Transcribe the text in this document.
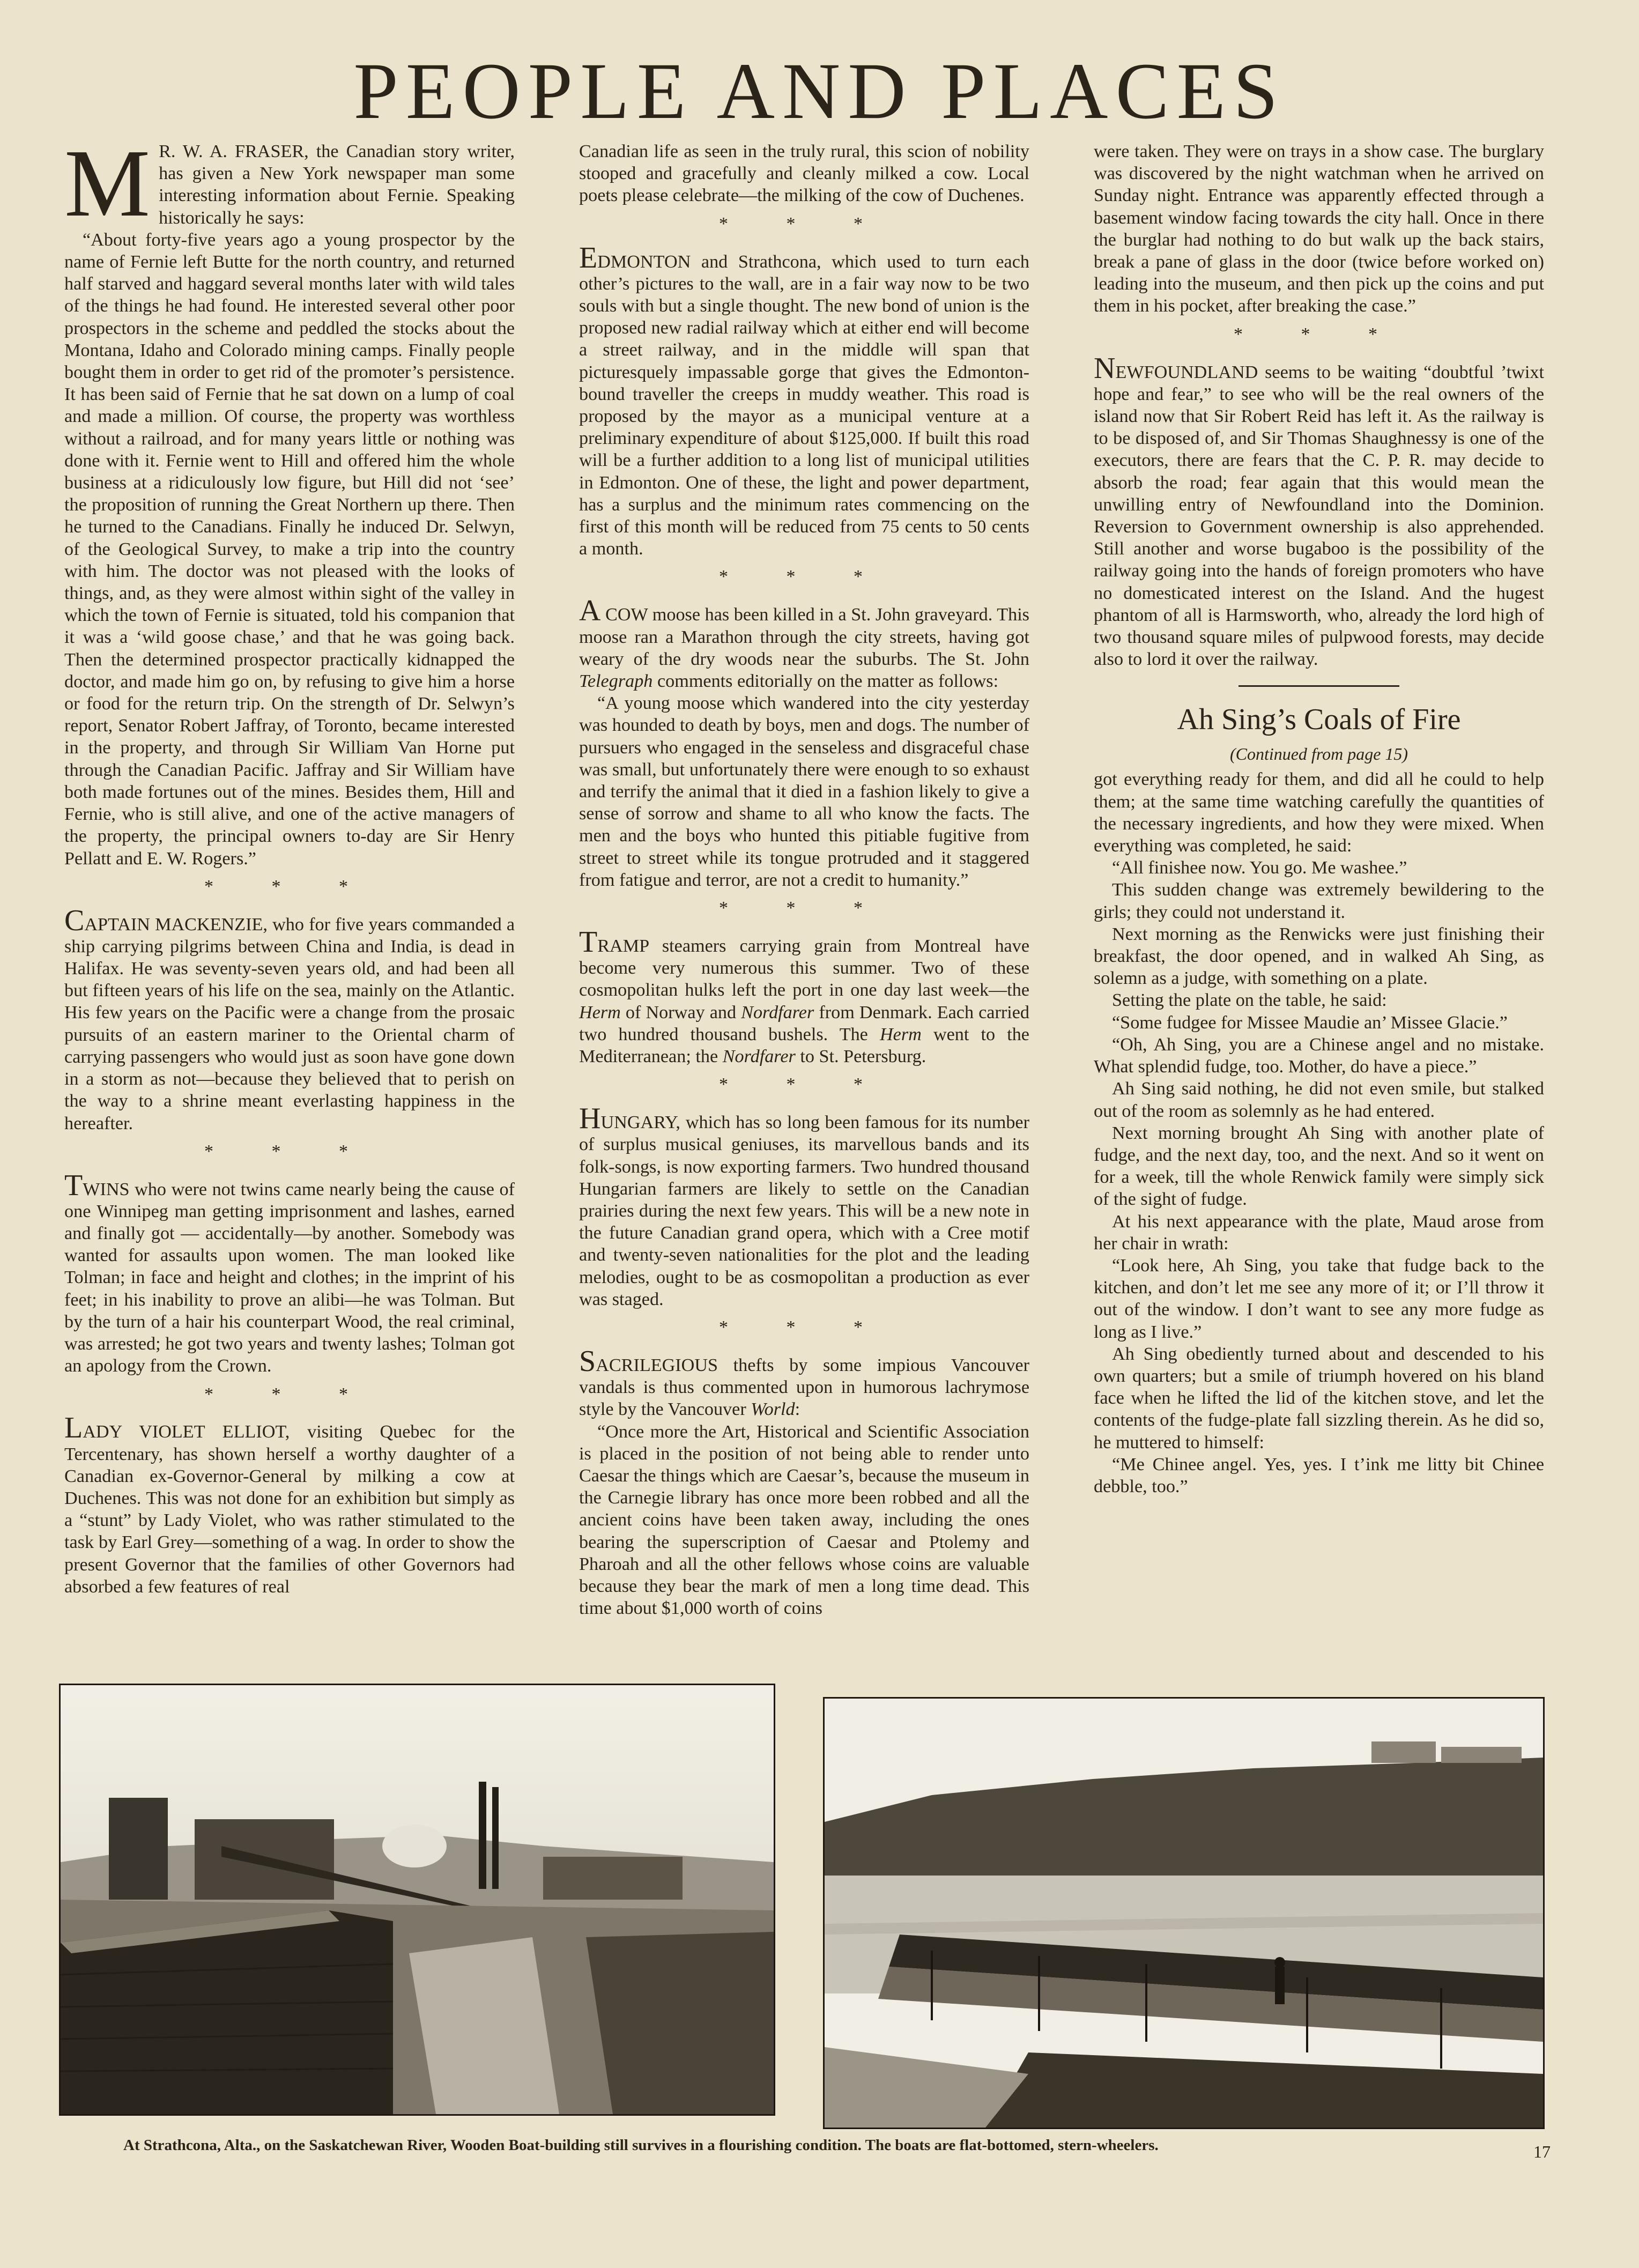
PEOPLE AND PLACES

M R. W. A. FRASER, the Canadian story writer, has given a New York newspaper man some interesting information about Fernie. Speaking historically he says:

“About forty-five years ago a young prospector by the name of Fernie left Butte for the north country, and returned half starved and haggard several months later with wild tales of the things he had found. He interested several other poor prospectors in the scheme and peddled the stocks about the Montana, Idaho and Colorado mining camps. Finally people bought them in order to get rid of the promoter’s persistence. It has been said of Fernie that he sat down on a lump of coal and made a million. Of course, the property was worthless without a railroad, and for many years little or nothing was done with it. Fernie went to Hill and offered him the whole business at a ridiculously low figure, but Hill did not ‘see’ the proposition of running the Great Northern up there. Then he turned to the Canadians. Finally he induced Dr. Selwyn, of the Geological Survey, to make a trip into the country with him. The doctor was not pleased with the looks of things, and, as they were almost within sight of the valley in which the town of Fernie is situated, told his companion that it was a ‘wild goose chase,’ and that he was going back. Then the determined prospector practically kidnapped the doctor, and made him go on, by refusing to give him a horse or food for the return trip. On the strength of Dr. Selwyn’s report, Senator Robert Jaffray, of Toronto, became interested in the property, and through Sir William Van Horne put through the Canadian Pacific. Jaffray and Sir William have both made fortunes out of the mines. Besides them, Hill and Fernie, who is still alive, and one of the active managers of the property, the principal owners to-day are Sir Henry Pellatt and E. W. Rogers.”

* * *

CAPTAIN MACKENZIE, who for five years commanded a ship carrying pilgrims between China and India, is dead in Halifax. He was seventy-seven years old, and had been all but fifteen years of his life on the sea, mainly on the Atlantic. His few years on the Pacific were a change from the prosaic pursuits of an eastern mariner to the Oriental charm of carrying passengers who would just as soon have gone down in a storm as not—because they believed that to perish on the way to a shrine meant everlasting happiness in the hereafter.

* * *

TWINS who were not twins came nearly being the cause of one Winnipeg man getting imprisonment and lashes, earned and finally got — accidentally—by another. Somebody was wanted for assaults upon women. The man looked like Tolman; in face and height and clothes; in the imprint of his feet; in his inability to prove an alibi—he was Tolman. But by the turn of a hair his counterpart Wood, the real criminal, was arrested; he got two years and twenty lashes; Tolman got an apology from the Crown.

* * *

LADY VIOLET ELLIOT, visiting Quebec for the Tercentenary, has shown herself a worthy daughter of a Canadian ex-Governor-General by milking a cow at Duchenes. This was not done for an exhibition but simply as a “stunt” by Lady Violet, who was rather stimulated to the task by Earl Grey—something of a wag. In order to show the present Governor that the families of other Governors had absorbed a few features of real

Canadian life as seen in the truly rural, this scion of nobility stooped and gracefully and cleanly milked a cow. Local poets please celebrate—the milking of the cow of Duchenes.

* * *

EDMONTON and Strathcona, which used to turn each other’s pictures to the wall, are in a fair way now to be two souls with but a single thought. The new bond of union is the proposed new radial railway which at either end will become a street railway, and in the middle will span that picturesquely impassable gorge that gives the Edmonton-bound traveller the creeps in muddy weather. This road is proposed by the mayor as a municipal venture at a preliminary expenditure of about $125,000. If built this road will be a further addition to a long list of municipal utilities in Edmonton. One of these, the light and power department, has a surplus and the minimum rates commencing on the first of this month will be reduced from 75 cents to 50 cents a month.

* * *

A COW moose has been killed in a St. John graveyard. This moose ran a Marathon through the city streets, having got weary of the dry woods near the suburbs. The St. John Telegraph comments editorially on the matter as follows:

“A young moose which wandered into the city yesterday was hounded to death by boys, men and dogs. The number of pursuers who engaged in the senseless and disgraceful chase was small, but unfortunately there were enough to so exhaust and terrify the animal that it died in a fashion likely to give a sense of sorrow and shame to all who know the facts. The men and the boys who hunted this pitiable fugitive from street to street while its tongue protruded and it staggered from fatigue and terror, are not a credit to humanity.”

* * *

TRAMP steamers carrying grain from Montreal have become very numerous this summer. Two of these cosmopolitan hulks left the port in one day last week—the Herm of Norway and Nordfarer from Denmark. Each carried two hundred thousand bushels. The Herm went to the Mediterranean; the Nordfarer to St. Petersburg.

* * *

HUNGARY, which has so long been famous for its number of surplus musical geniuses, its marvellous bands and its folk-songs, is now exporting farmers. Two hundred thousand Hungarian farmers are likely to settle on the Canadian prairies during the next few years. This will be a new note in the future Canadian grand opera, which with a Cree motif and twenty-seven nationalities for the plot and the leading melodies, ought to be as cosmopolitan a production as ever was staged.

* * *

SACRILEGIOUS thefts by some impious Vancouver vandals is thus commented upon in humorous lachrymose style by the Vancouver World:

“Once more the Art, Historical and Scientific Association is placed in the position of not being able to render unto Caesar the things which are Caesar’s, because the museum in the Carnegie library has once more been robbed and all the ancient coins have been taken away, including the ones bearing the superscription of Caesar and Ptolemy and Pharoah and all the other fellows whose coins are valuable because they bear the mark of men a long time dead. This time about $1,000 worth of coins

were taken. They were on trays in a show case. The burglary was discovered by the night watchman when he arrived on Sunday night. Entrance was apparently effected through a basement window facing towards the city hall. Once in there the burglar had nothing to do but walk up the back stairs, break a pane of glass in the door (twice before worked on) leading into the museum, and then pick up the coins and put them in his pocket, after breaking the case.”

* * *

NEWFOUNDLAND seems to be waiting “doubtful ’twixt hope and fear,” to see who will be the real owners of the island now that Sir Robert Reid has left it. As the railway is to be disposed of, and Sir Thomas Shaughnessy is one of the executors, there are fears that the C. P. R. may decide to absorb the road; fear again that this would mean the unwilling entry of Newfoundland into the Dominion. Reversion to Government ownership is also apprehended. Still another and worse bugaboo is the possibility of the railway going into the hands of foreign promoters who have no domesticated interest on the Island. And the hugest phantom of all is Harmsworth, who, already the lord high of two thousand square miles of pulpwood forests, may decide also to lord it over the railway.

Ah Sing’s Coals of Fire
(Continued from page 15)

got everything ready for them, and did all he could to help them; at the same time watching carefully the quantities of the necessary ingredients, and how they were mixed. When everything was completed, he said:

“All finishee now. You go. Me washee.”

This sudden change was extremely bewildering to the girls; they could not understand it.

Next morning as the Renwicks were just finishing their breakfast, the door opened, and in walked Ah Sing, as solemn as a judge, with something on a plate.

Setting the plate on the table, he said:

“Some fudgee for Missee Maudie an’ Missee Glacie.”

“Oh, Ah Sing, you are a Chinese angel and no mistake. What splendid fudge, too. Mother, do have a piece.”

Ah Sing said nothing, he did not even smile, but stalked out of the room as solemnly as he had entered.

Next morning brought Ah Sing with another plate of fudge, and the next day, too, and the next. And so it went on for a week, till the whole Renwick family were simply sick of the sight of fudge.

At his next appearance with the plate, Maud arose from her chair in wrath:

“Look here, Ah Sing, you take that fudge back to the kitchen, and don’t let me see any more of it; or I’ll throw it out of the window. I don’t want to see any more fudge as long as I live.”

Ah Sing obediently turned about and descended to his own quarters; but a smile of triumph hovered on his bland face when he lifted the lid of the kitchen stove, and let the contents of the fudge-plate fall sizzling therein. As he did so, he muttered to himself:

“Me Chinee angel. Yes, yes. I t’ink me litty bit Chinee debble, too.”

At Strathcona, Alta., on the Saskatchewan River, Wooden Boat-building still survives in a flourishing condition. The boats are flat-bottomed, stern-wheelers.	17
